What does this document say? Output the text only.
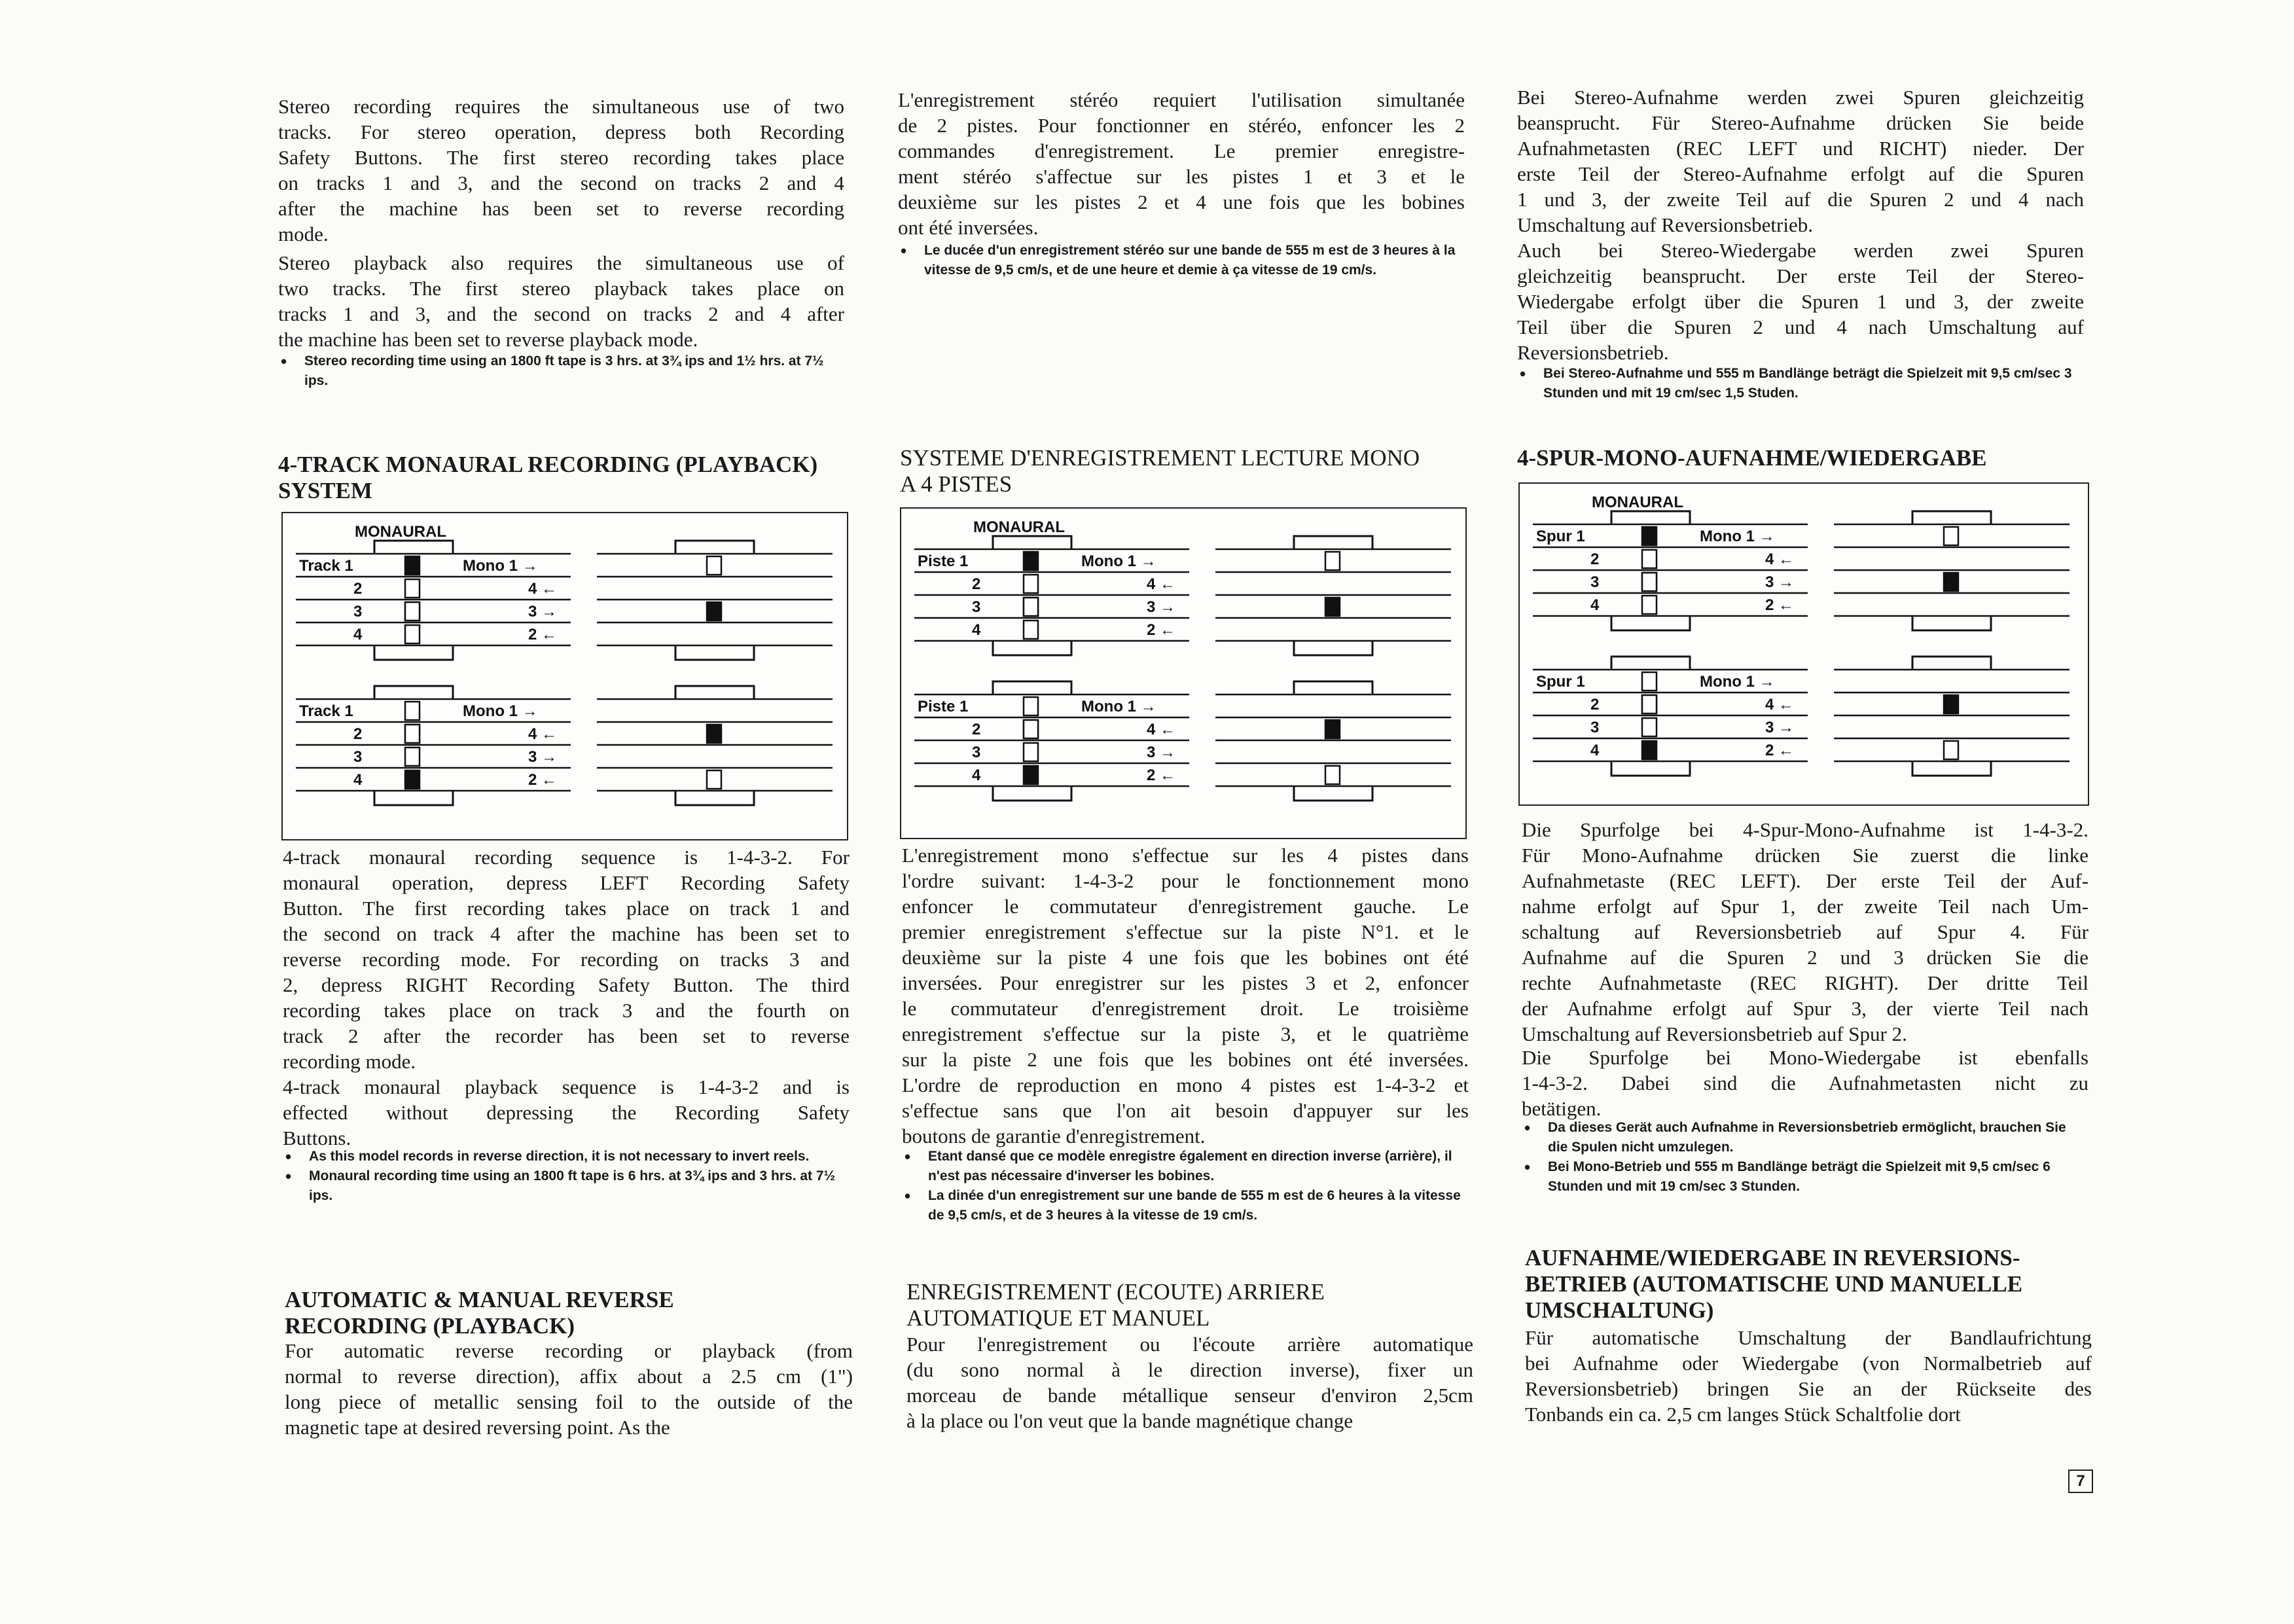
Stereo recording requires the simultaneous use of two
tracks. For stereo operation, depress both Recording
Safety Buttons. The first stereo recording takes place
on tracks 1 and 3, and the second on tracks 2 and 4
after the machine has been set to reverse recording
mode.
Stereo playback also requires the simultaneous use of
two tracks. The first stereo playback takes place on
tracks 1 and 3, and the second on tracks 2 and 4 after
the machine has been set to reverse playback mode.
• Stereo recording time using an 1800 ft tape is 3 hrs. at 3¾ ips and 1½ hrs. at 7½ ips.
4-TRACK MONAURAL RECORDING (PLAYBACK)
SYSTEM
MONAURAL
Track 1	Mono 1 →
2	4 ←
3	3 →
4	2 ←
Track 1	Mono 1 →
2	4 ←
3	3 →
4	2 ←
4-track monaural recording sequence is 1-4-3-2. For
monaural operation, depress LEFT Recording Safety
Button. The first recording takes place on track 1 and
the second on track 4 after the machine has been set to
reverse recording mode. For recording on tracks 3 and
2, depress RIGHT Recording Safety Button. The third
recording takes place on track 3 and the fourth on
track 2 after the recorder has been set to reverse
recording mode.
4-track monaural playback sequence is 1-4-3-2 and is
effected without depressing the Recording Safety
Buttons.
• As this model records in reverse direction, it is not necessary to invert reels.
• Monaural recording time using an 1800 ft tape is 6 hrs. at 3¾ ips and 3 hrs. at 7½ ips.
AUTOMATIC & MANUAL REVERSE
RECORDING (PLAYBACK)
For automatic reverse recording or playback (from
normal to reverse direction), affix about a 2.5 cm (1")
long piece of metallic sensing foil to the outside of the
magnetic tape at desired reversing point. As the
L'enregistrement stéréo requiert l'utilisation simultanée
de 2 pistes. Pour fonctionner en stéréo, enfoncer les 2
commandes d'enregistrement. Le premier enregistre-
ment stéréo s'affectue sur les pistes 1 et 3 et le
deuxième sur les pistes 2 et 4 une fois que les bobines
ont été inversées.
• Le ducée d'un enregistrement stéréo sur une bande de 555 m est de 3 heures à la vitesse de 9,5 cm/s, et de une heure et demie à ça vitesse de 19 cm/s.
SYSTEME D'ENREGISTREMENT LECTURE MONO
A 4 PISTES
MONAURAL
Piste 1	Mono 1 →
2	4 ←
3	3 →
4	2 ←
Piste 1	Mono 1 →
2	4 ←
3	3 →
4	2 ←
L'enregistrement mono s'effectue sur les 4 pistes dans
l'ordre suivant: 1-4-3-2 pour le fonctionnement mono
enfoncer le commutateur d'enregistrement gauche. Le
premier enregistrement s'effectue sur la piste N°1. et le
deuxième sur la piste 4 une fois que les bobines ont été
inversées. Pour enregistrer sur les pistes 3 et 2, enfoncer
le commutateur d'enregistrement droit. Le troisième
enregistrement s'effectue sur la piste 3, et le quatrième
sur la piste 2 une fois que les bobines ont été inversées.
L'ordre de reproduction en mono 4 pistes est 1-4-3-2 et
s'effectue sans que l'on ait besoin d'appuyer sur les
boutons de garantie d'enregistrement.
• Etant dansé que ce modèle enregistre également en direction inverse (arrière), il n'est pas nécessaire d'inverser les bobines.
• La dinée d'un enregistrement sur une bande de 555 m est de 6 heures à la vitesse de 9,5 cm/s, et de 3 heures à la vitesse de 19 cm/s.
ENREGISTREMENT (ECOUTE) ARRIERE
AUTOMATIQUE ET MANUEL
Pour l'enregistrement ou l'écoute arrière automatique
(du sono normal à le direction inverse), fixer un
morceau de bande métallique senseur d'environ 2,5cm
à la place ou l'on veut que la bande magnétique change
Bei Stereo-Aufnahme werden zwei Spuren gleichzeitig
beansprucht. Für Stereo-Aufnahme drücken Sie beide
Aufnahmetasten (REC LEFT und RICHT) nieder. Der
erste Teil der Stereo-Aufnahme erfolgt auf die Spuren
1 und 3, der zweite Teil auf die Spuren 2 und 4 nach
Umschaltung auf Reversionsbetrieb.
Auch bei Stereo-Wiedergabe werden zwei Spuren
gleichzeitig beansprucht. Der erste Teil der Stereo-
Wiedergabe erfolgt über die Spuren 1 und 3, der zweite
Teil über die Spuren 2 und 4 nach Umschaltung auf
Reversionsbetrieb.
• Bei Stereo-Aufnahme und 555 m Bandlänge beträgt die Spielzeit mit 9,5 cm/sec 3 Stunden und mit 19 cm/sec 1,5 Studen.
4-SPUR-MONO-AUFNAHME/WIEDERGABE
MONAURAL
Spur 1	Mono 1 →
2	4 ←
3	3 →
4	2 ←
Spur 1	Mono 1 →
2	4 ←
3	3 →
4	2 ←
Die Spurfolge bei 4-Spur-Mono-Aufnahme ist 1-4-3-2.
Für Mono-Aufnahme drücken Sie zuerst die linke
Aufnahmetaste (REC LEFT). Der erste Teil der Auf-
nahme erfolgt auf Spur 1, der zweite Teil nach Um-
schaltung auf Reversionsbetrieb auf Spur 4. Für
Aufnahme auf die Spuren 2 und 3 drücken Sie die
rechte Aufnahmetaste (REC RIGHT). Der dritte Teil
der Aufnahme erfolgt auf Spur 3, der vierte Teil nach
Umschaltung auf Reversionsbetrieb auf Spur 2.
Die Spurfolge bei Mono-Wiedergabe ist ebenfalls
1-4-3-2. Dabei sind die Aufnahmetasten nicht zu
betätigen.
• Da dieses Gerät auch Aufnahme in Reversionsbetrieb ermöglicht, brauchen Sie die Spulen nicht umzulegen.
• Bei Mono-Betrieb und 555 m Bandlänge beträgt die Spielzeit mit 9,5 cm/sec 6 Stunden und mit 19 cm/sec 3 Stunden.
AUFNAHME/WIEDERGABE IN REVERSIONS-
BETRIEB (AUTOMATISCHE UND MANUELLE
UMSCHALTUNG)
Für automatische Umschaltung der Bandlaufrichtung
bei Aufnahme oder Wiedergabe (von Normalbetrieb auf
Reversionsbetrieb) bringen Sie an der Rückseite des
Tonbands ein ca. 2,5 cm langes Stück Schaltfolie dort
7
